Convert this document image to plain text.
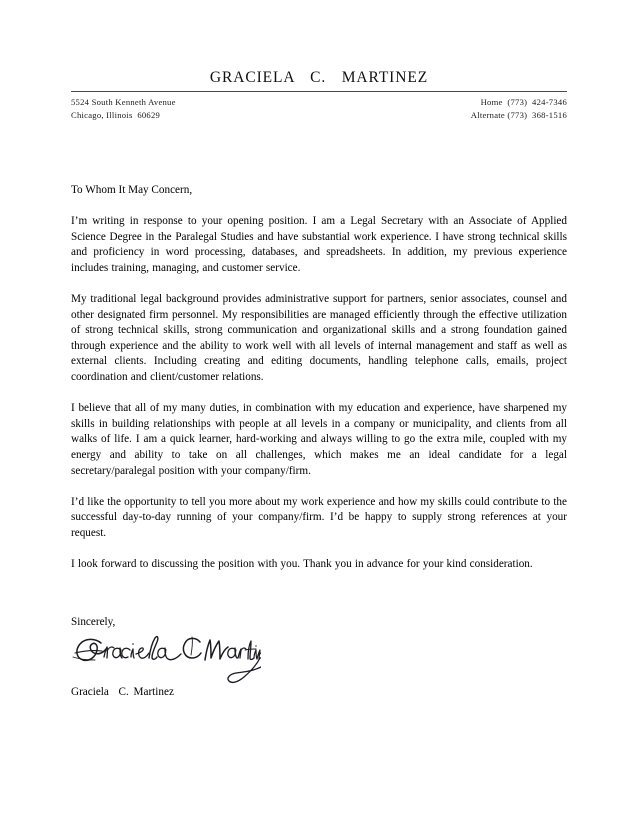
GRACIELA  C.  MARTINEZ
5524 South Kenneth Avenue
Chicago, Illinois  60629
Home  (773)  424-7346
Alternate (773)  368-1516
To Whom It May Concern,

I’m writing in response to your opening position. I am a Legal Secretary with an Associate of Applied Science Degree in the Paralegal Studies and have substantial work experience. I have strong technical skills and proficiency in word processing, databases, and spreadsheets. In addition, my previous experience includes training, managing, and customer service.

My traditional legal background provides administrative support for partners, senior associates, counsel and other designated firm personnel. My responsibilities are managed efficiently through the effective utilization of strong technical skills, strong communication and organizational skills and a strong foundation gained through experience and the ability to work well with all levels of internal management and staff as well as external clients. Including creating and editing documents, handling telephone calls, emails, project coordination and client/customer relations.

I believe that all of my many duties, in combination with my education and experience, have sharpened my skills in building relationships with people at all levels in a company or municipality, and clients from all walks of life. I am a quick learner, hard-working and always willing to go the extra mile, coupled with my energy and ability to take on all challenges, which makes me an ideal candidate for a legal secretary/paralegal position with your company/firm.

I’d like the opportunity to tell you more about my work experience and how my skills could contribute to the successful day-to-day running of your company/firm. I’d be happy to supply strong references at your request.

I look forward to discussing the position with you. Thank you in advance for your kind consideration.

Sincerely,
Graciela  C. Martinez
